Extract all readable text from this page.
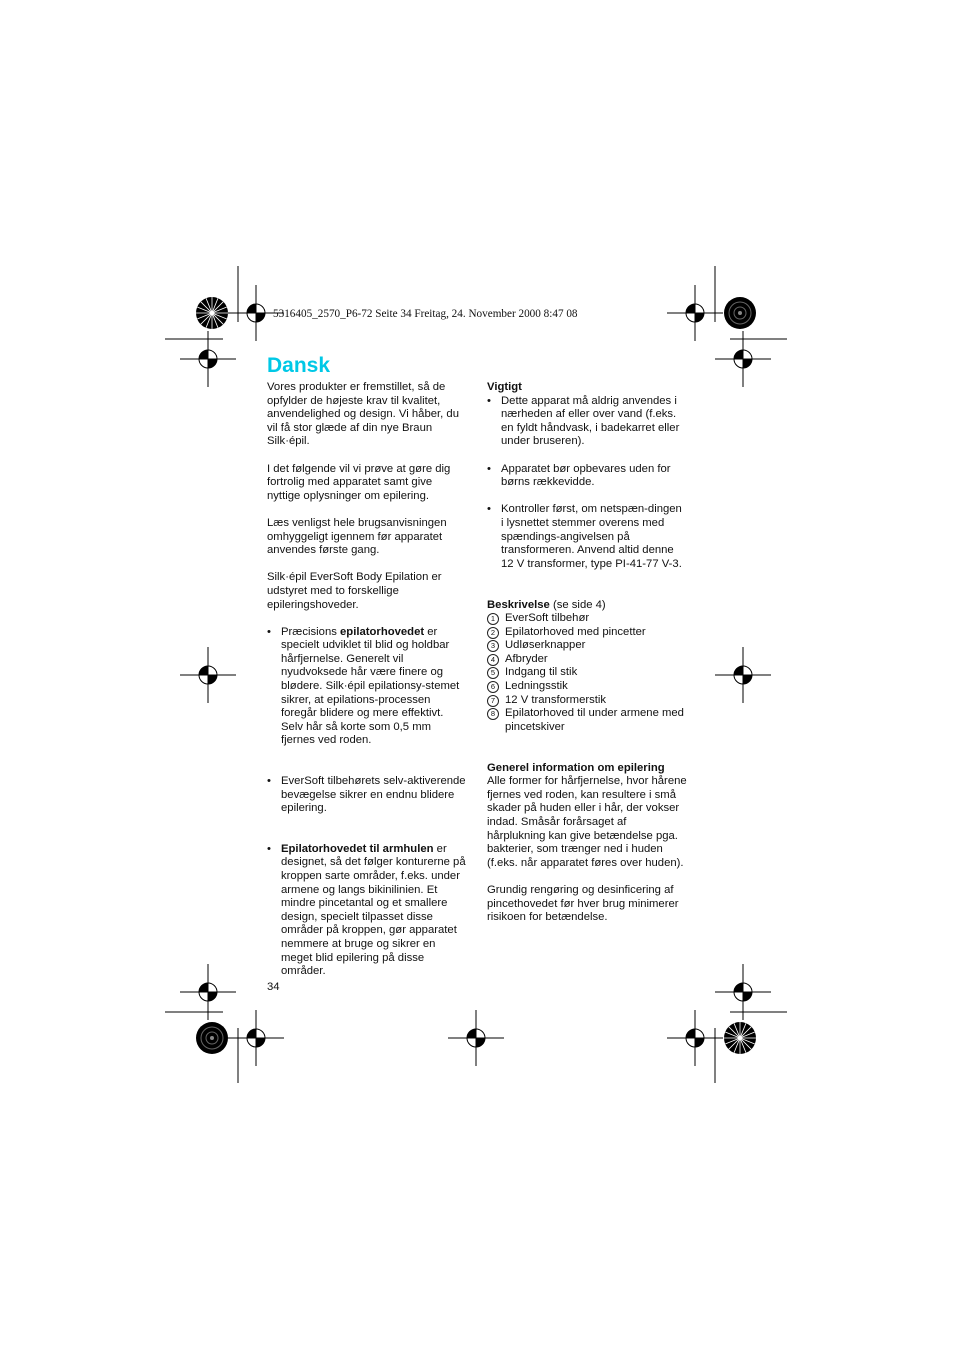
5316405_2570_P6-72 Seite 34 Freitag, 24. November 2000 8:47 08
Dansk

Vores produkter er fremstillet, så de opfylder de højeste krav til kvalitet, anvendelighed og design. Vi håber, du vil få stor glæde af din nye Braun Silk·épil.

I det følgende vil vi prøve at gøre dig fortrolig med apparatet samt give nyttige oplysninger om epilering.

Læs venligst hele brugsanvisningen omhyggeligt igennem før apparatet anvendes første gang.

Silk·épil EverSoft Body Epilation er udstyret med to forskellige epileringshoveder.

• Præcisions epilatorhovedet er specielt udviklet til blid og holdbar hårfjernelse. Generelt vil nyudvoksede hår være finere og blødere. Silk·épil epilationsy-stemet sikrer, at epilations-processen foregår blidere og mere effektivt. Selv hår så korte som 0,5 mm fjernes ved roden.
• EverSoft tilbehørets selv-aktiverende bevægelse sikrer en endnu blidere epilering.
• Epilatorhovedet til armhulen er designet, så det følger konturerne på kroppen sarte områder, f.eks. under armene og langs bikinilinien. Et mindre pincetantal og et smallere design, specielt tilpasset disse områder på kroppen, gør apparatet nemmere at bruge og sikrer en meget blid epilering på disse områder.
Vigtigt
• Dette apparat må aldrig anvendes i nærheden af eller over vand (f.eks. en fyldt håndvask, i badekarret eller under bruseren).
• Apparatet bør opbevares uden for børns rækkevidde.
• Kontroller først, om netspæn-dingen i lysnettet stemmer overens med spændings-angivelsen på transformeren. Anvend altid denne 12 V transformer, type PI-41-77 V-3.
Beskrivelse (se side 4)
1 EverSoft tilbehør
2 Epilatorhoved med pincetter
3 Udløserknapper
4 Afbryder
5 Indgang til stik
6 Ledningsstik
7 12 V transformerstik
8 Epilatorhoved til under armene med pincetskiver
Generel information om epilering

Alle former for hårfjernelse, hvor hårene fjernes ved roden, kan resultere i små skader på huden eller i hår, der vokser indad. Småsår forårsaget af hårplukning kan give betændelse pga. bakterier, som trænger ned i huden (f.eks. når apparatet føres over huden).

Grundig rengøring og desinficering af pincethovedet før hver brug minimerer risikoen for betændelse.

34
